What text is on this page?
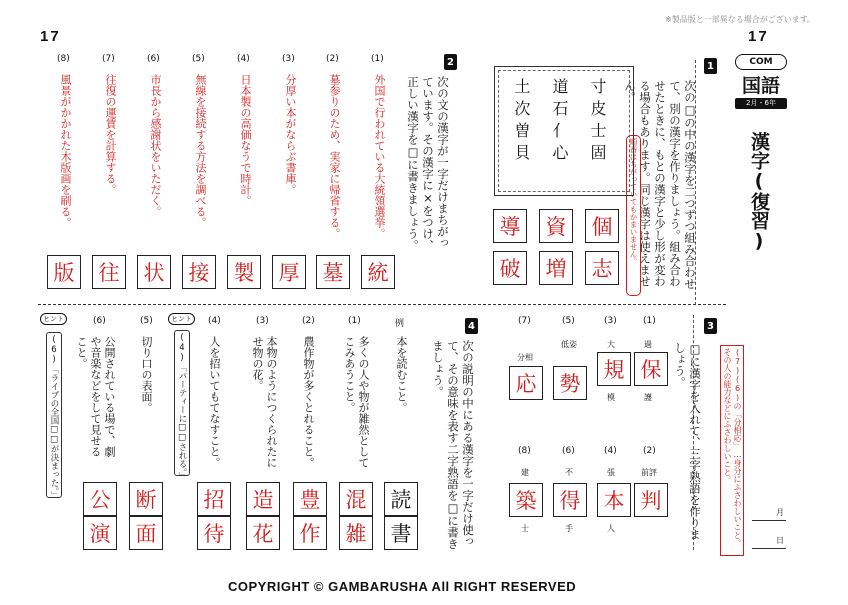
17	17
※製品版と一部異なる場合がございます。
COM
国語
2月・6年
漢字(復習)
1
次の□の中の漢字を二つずつ組み合わせて、別の漢字を作りましょう。組み合わせたときに、もとの漢字と少し形が変わる場合もあります。同じ漢字は使えません。
順番はちがっていてもかまいません。
寸皮士固
道石亻心
土次曽貝
個
志
資
増
導
破
2
次の文の漢字が一字だけまちがっています。その漢字に×をつけ、正しい漢字を□に書きましょう。
(1)
(2)
(3)
(4)
(5)
(6)
(7)
(8)
外国で行われている大統領選挙。
墓参りのため、実家に帰省する。
分厚い本がならぶ書庫。
日本製の高価なうで時計。
無線を接続する方法を調べる。
市長から感謝状をいただく。
往復の運賃を計算する。
風景がかかれた木版画を刷る。
統
墓
厚
製
接
状
往
版
3
□に漢字を入れて、三字熟語を作りましょう。	(7)(6)の「分相応」…身分にふさわしいこと。その人の能力などにふさわしいこと。
(1)
過
保
護
(2)
前評
判
(3)
大
規
模
(4)
張
本
人
(5)
低姿
勢
(6)
不
得
手
(7)
分相
応
(8)
建
築
士
月
日
4
次の説明の中にある漢字を一字だけ使って、その意味を表す二字熟語を□に書きましょう。
例
本を読むこと。
読
書
(1)
多くの人や物が雑然としてこみあうこと。
混
雑
(2)
農作物が多くとれること。
豊
作
(3)
本物のようにつくられたにせ物の花。
造
花
(4)
人を招いてもてなすこと。
招
待
ヒント
(4)「パーティーに□□される。」
(5)
切り口の表面。
断
面
(6)
公開されている場で、劇や音楽などをして見せること。
公
演
ヒント
(6)「ライブの全国□□が決まった。」
COPYRIGHT © GAMBARUSHA All RIGHT RESERVED
